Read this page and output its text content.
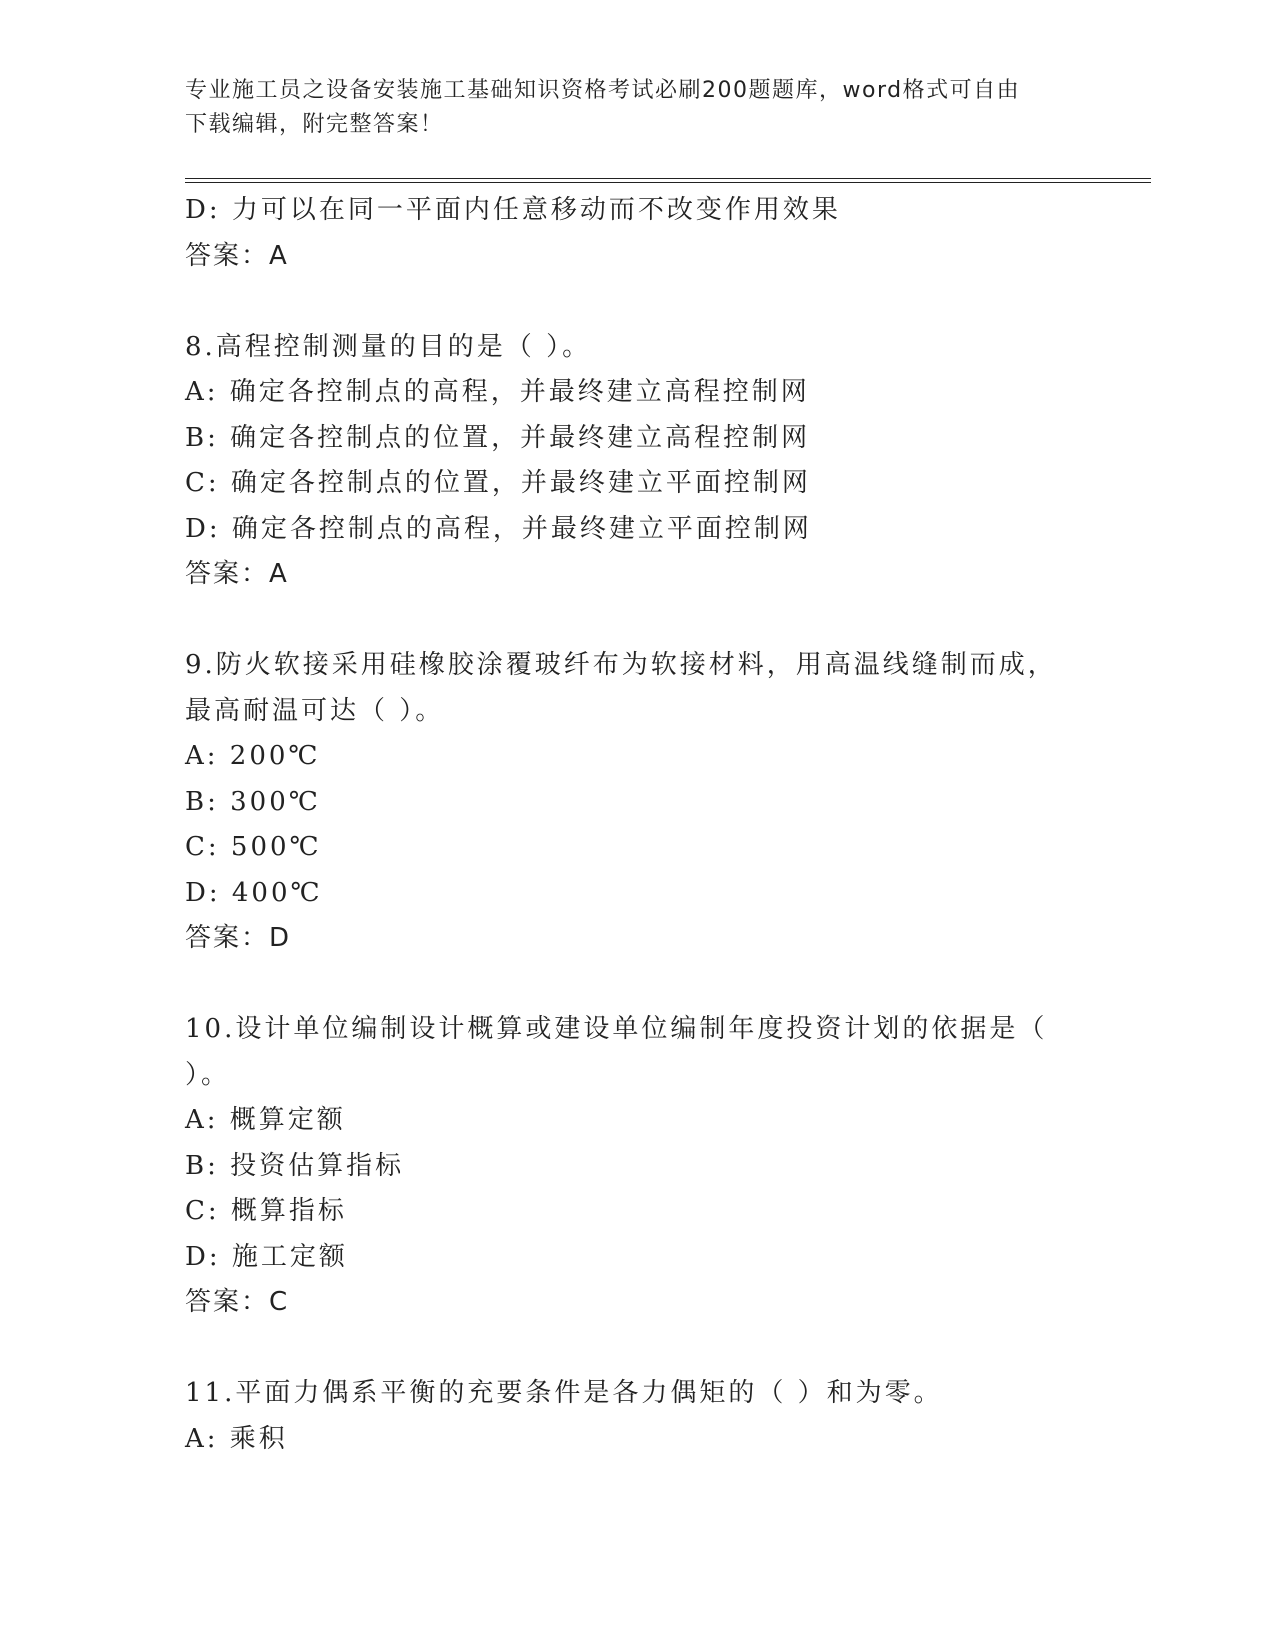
专业施工员之设备安装施工基础知识资格考试必刷200题题库，word格式可自由
下载编辑，附完整答案！
D: 力可以在同一平面内任意移动而不改变作用效果
答案：A
8.高程控制测量的目的是（ ）。
A: 确定各控制点的高程，并最终建立高程控制网
B: 确定各控制点的位置，并最终建立高程控制网
C: 确定各控制点的位置，并最终建立平面控制网
D: 确定各控制点的高程，并最终建立平面控制网
答案：A
9.防火软接采用硅橡胶涂覆玻纤布为软接材料，用高温线缝制而成，
最高耐温可达（ ）。
A: 200℃
B: 300℃
C: 500℃
D: 400℃
答案：D
10.设计单位编制设计概算或建设单位编制年度投资计划的依据是（
）。
A: 概算定额
B: 投资估算指标
C: 概算指标
D: 施工定额
答案：C
11.平面力偶系平衡的充要条件是各力偶矩的（ ）和为零。
A: 乘积
